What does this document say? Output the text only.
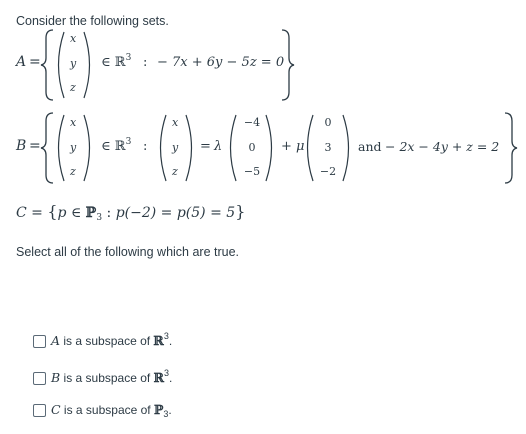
Consider the following sets.
A =
x
y
z
∈ ℝ$^3$ : − 7x + 6y − 5z = 0
B =
x
y
z
∈ ℝ$^3$ :
x
y
z
= λ
−4
0
−5
+ μ
0
3
−2
and − 2x − 4y + z = 2
C = {p ∈ ℙ$_3$ : p(−2) = p(5) = 5}
Select all of the following which are true.
A is a subspace of ℝ$^3$.
B is a subspace of ℝ$^3$.
C is a subspace of ℙ$_3$.
